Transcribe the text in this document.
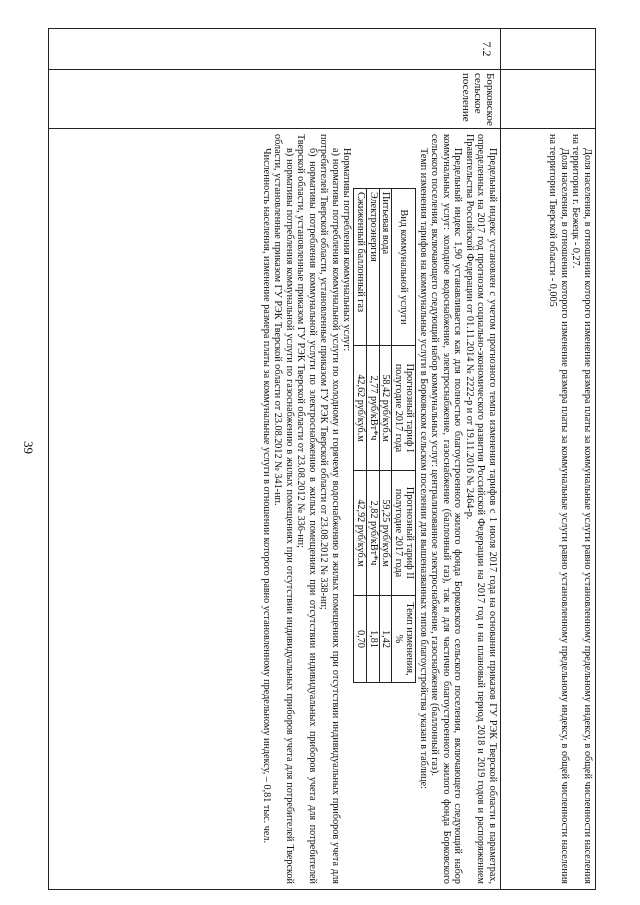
39
			Доля населения, в отношении которого изменение размера платы за коммунальные услуги равно установленному предельному индексу, в общей численности населения на территории г. Бежецк - 0,27.

Доля населения, в отношении которого изменение размера платы за коммунальные услуги равно установленному предельному индексу, в общей численности населения на территории Тверской области - 0,005

7.2	Борковское сельское поселение	

Предельный индекс установлен с учетом прогнозного темпа изменения тарифов с 1 июля 2017 года на основании приказов ГУ РЭК Тверской области в параметрах, определенных на 2017 год прогнозом социально-экономического развития Российской Федерации на 2017 год и на плановый период 2018 и 2019 годов и распоряжением Правительства Российской Федерации от 01.11.2014 № 2222-р и от 19.11.2016 № 2464-р.

Предельный индекс 1,90 устанавливается как для полностью благоустроенного жилого фонда Борковского сельского поселения, включающего следующий набор коммунальных услуг: холодное водоснабжение, электроснабжение, газоснабжение (баллонный газ), так и для частично благоустроенного жилого фонда Борковского сельского поселения, включающего следующий набор коммунальных услуг: централизованное электроснабжение, газоснабжение (баллонный газ).

Темп изменения тарифов на коммунальные услуги в Борковском сельском поселении для вышеназванных типов благоустройства указан в таблице:

Вид коммунальной услуги	Прогнозный тариф I полугодие 2017 года	Прогнозный тариф II полугодие 2017 года	Темп изменения, %
Питьевая вода	58,42 руб/куб.м	59,25 руб/куб.м	1,42
Электроэнергия	2,77 руб/кВт*ч	2,82 руб/кВт*ч	1,81
Сжиженный баллонный газ	42,62 руб/куб.м	42,92 руб/куб.м	0,70

Нормативы потребления коммунальных услуг:

а) нормативы потребления коммунальной услуги по холодному и горячему водоснабжению в жилых помещениях при отсутствии индивидуальных приборов учета для потребителей Тверской области, установленные приказом ГУ РЭК Тверской области от 23.08.2012 № 338-нп;

б) нормативы потребления коммунальной услуги по электроснабжению в жилых помещениях при отсутствии индивидуальных приборов учета для потребителей Тверской области, установленные приказом ГУ РЭК Тверской области от 23.08.2012 № 336-нп;

в) нормативы потребления коммунальной услуги по газоснабжению в жилых помещениях при отсутствии индивидуальных приборов учета для потребителей Тверской области, установленные приказом ГУ РЭК Тверской области от 23.08.2012 № 341-нп.

Численность населения, изменение размера платы за коммунальные услуги в отношении которого равно установленному предельному индексу, – 0,81 тыс. чел.
